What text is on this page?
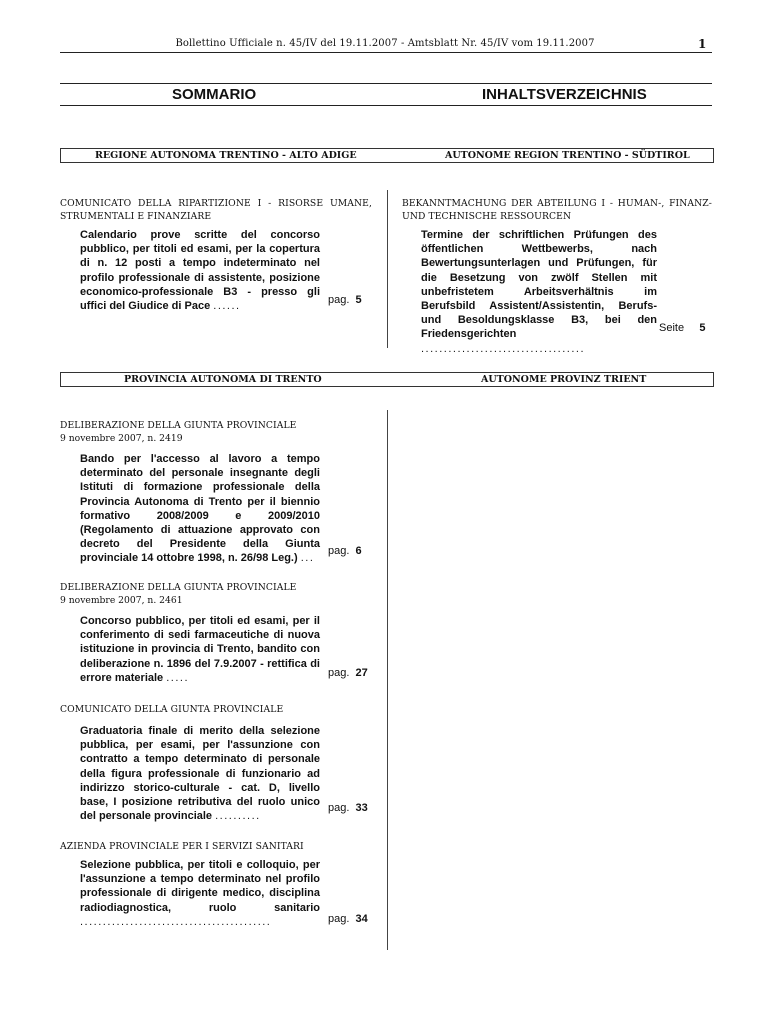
Bollettino Ufficiale n. 45/IV del 19.11.2007 - Amtsblatt Nr. 45/IV vom 19.11.2007	1
SOMMARIO	INHALTSVERZEICHNIS
REGIONE AUTONOMA TRENTINO - ALTO ADIGE	AUTONOME REGION TRENTINO - SÜDTIROL
COMUNICATO DELLA RIPARTIZIONE I - RISORSE UMANE, STRUMENTALI E FINANZIARE
Calendario prove scritte del concorso pubblico, per titoli ed esami, per la copertura di n. 12 posti a tempo indeterminato nel profilo professionale di assistente, posizione economico-professionale B3 - presso gli uffici del Giudice di Pace ......
pag. 5
BEKANNTMACHUNG DER ABTEILUNG I - HUMAN-, FINANZ- UND TECHNISCHE RESSOURCEN
Termine der schriftlichen Prüfungen des öffentlichen Wettbewerbs, nach Bewertungsunterlagen und Prüfungen, für die Besetzung von zwölf Stellen mit unbefristetem Arbeitsverhältnis im Berufsbild Assistent/Assistentin, Berufs- und Besoldungsklasse B3, bei den Friedensgerichten ....................................
Seite 5
PROVINCIA AUTONOMA DI TRENTO	AUTONOME PROVINZ TRIENT
DELIBERAZIONE DELLA GIUNTA PROVINCIALE
9 novembre 2007, n. 2419
Bando per l'accesso al lavoro a tempo determinato del personale insegnante degli Istituti di formazione professionale della Provincia Autonoma di Trento per il biennio formativo 2008/2009 e 2009/2010 (Regolamento di attuazione approvato con decreto del Presidente della Giunta provinciale 14 ottobre 1998, n. 26/98 Leg.) ...
pag. 6
DELIBERAZIONE DELLA GIUNTA PROVINCIALE
9 novembre 2007, n. 2461
Concorso pubblico, per titoli ed esami, per il conferimento di sedi farmaceutiche di nuova istituzione in provincia di Trento, bandito con deliberazione n. 1896 del 7.9.2007 - rettifica di errore materiale .....	pag. 27
COMUNICATO DELLA GIUNTA PROVINCIALE
Graduatoria finale di merito della selezione pubblica, per esami, per l'assunzione con contratto a tempo determinato di personale della figura professionale di funzionario ad indirizzo storico-culturale - cat. D, livello base, I posizione retributiva del ruolo unico del personale provinciale ..........
pag. 33
AZIENDA PROVINCIALE PER I SERVIZI SANITARI
Selezione pubblica, per titoli e colloquio, per l'assunzione a tempo determinato nel profilo professionale di dirigente medico, disciplina radiodiagnostica, ruolo sanitario ..........................................	pag. 34
